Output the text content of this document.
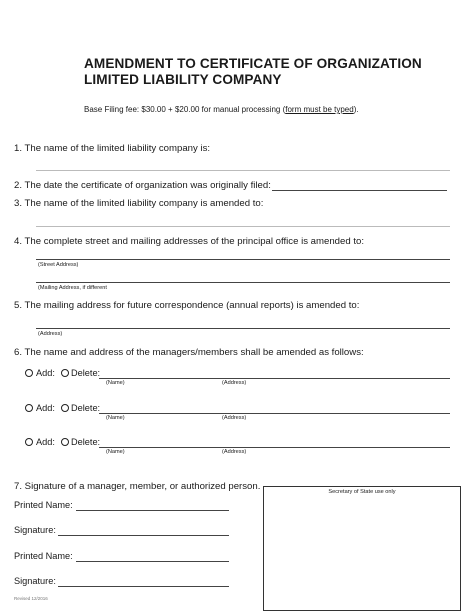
AMENDMENT TO CERTIFICATE OF ORGANIZATION
LIMITED LIABILITY COMPANY
Base Filing fee: $30.00 + $20.00 for manual processing (form must be typed).
1. The name of the limited liability company is:
2. The date the certificate of organization was originally filed:
3. The name of the limited liability company is amended to:
4. The complete street and mailing addresses of the principal office is amended to:
(Street Address)
(Mailing Address, if different
5. The mailing address for future correspondence (annual reports) is amended to:
(Address)
6. The name and address of the managers/members shall be amended as follows:
Add: Delete:
(Name)	(Address)
Add: Delete:
(Name)	(Address)
Add: Delete:
(Name)	(Address)
7. Signature of a manager, member, or authorized person.
Printed Name:
Signature:
Printed Name:
Signature:
Secretary of State use only
Revised 12/2016
